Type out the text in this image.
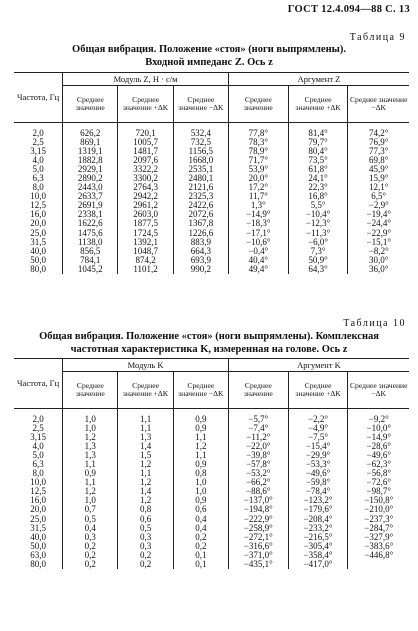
ГОСТ 12.4.094—88 С. 13
Таблица 9
Общая вибрация. Положение «стоя» (ноги выпрямлены).
Входной импеданс Z. Ось z
Частота, Гц	Модуль Z, Н · с/м			Аргумент Z		
	Среднее значение	Среднее значение +ΔK	Среднее значение −ΔK	Среднее значение	Среднее значение +ΔK	Среднее значение −ΔK
2,0	626,2	720,1	532,4	77,8°	81,4°	74,2°
2,5	869,1	1005,7	732,5	78,3°	79,7°	76,9°
3,15	1319,1	1481,7	1156,5	78,9°	80,4°	77,3°
4,0	1882,8	2097,6	1668,0	71,7°	73,5°	69,8°
5,0	2929,1	3322,2	2535,1	53,9°	61,8°	45,9°
6,3	2890,2	3300,2	2480,1	20,0°	24,1°	15,9°
8,0	2443,0	2764,3	2121,6	17,2°	22,3°	12,1°
10,0	2633,7	2942,2	2325,3	11,7°	16,8°	6,5°
12,5	2691,9	2961,2	2422,6	1,3°	5,5°	−2,9°
16,0	2338,1	2603,0	2072,6	−14,9°	−10,4°	−19,4°
20,0	1622,6	1877,5	1367,8	−18,3°	−12,3°	−24,4°
25,0	1475,6	1724,5	1226,6	−17,1°	−11,3°	−22,9°
31,5	1138,0	1392,1	883,9	−10,6°	−6,0°	−15,1°
40,0	856,5	1048,7	664,3	−0,4°	7,3°	−8,2°
50,0	784,1	874,2	693,9	40,4°	50,9°	30,0°
80,0	1045,2	1101,2	990,2	49,4°	64,3°	36,0°
Таблица 10
Общая вибрация. Положение «стоя» (ноги выпрямлены). Комплексная
частотная характеристика K, измеренная на голове. Ось z
Частота, Гц	Модуль K			Аргумент K		
	Среднее значение	Среднее значение +ΔK	Среднее значение −ΔK	Среднее значение	Среднее значение +ΔK	Среднее значение −ΔK
2,0	1,0	1,1	0,9	−5,7°	−2,2°	−9,2°
2,5	1,0	1,1	0,9	−7,4°	−4,9°	−10,0°
3,15	1,2	1,3	1,1	−11,2°	−7,5°	−14,9°
4,0	1,3	1,4	1,2	−22,0°	−15,4°	−28,6°
5,0	1,3	1,5	1,1	−39,8°	−29,9°	−49,6°
6,3	1,1	1,2	0,9	−57,8°	−53,3°	−62,3°
8,0	0,9	1,1	0,8	−53,2°	−49,6°	−56,8°
10,0	1,1	1,2	1,0	−66,2°	−59,8°	−72,6°
12,5	1,2	1,4	1,0	−88,6°	−78,4°	−98,7°
16,0	1,0	1,2	0,9	−137,0°	−123,2°	−150,8°
20,0	0,7	0,8	0,6	−194,8°	−179,6°	−210,0°
25,0	0,5	0,6	0,4	−222,9°	−208,4°	−237,3°
31,5	0,4	0,5	0,4	−258,9°	−233,2°	−284,7°
40,0	0,3	0,3	0,2	−272,1°	−216,5°	−327,9°
50,0	0,2	0,3	0,2	−316,6°	−305,4°	−383,6°
63,0	0,2	0,2	0,1	−371,0°	−358,4°	−446,8°
80,0	0,2	0,2	0,1	−435,1°	−417,0°	
